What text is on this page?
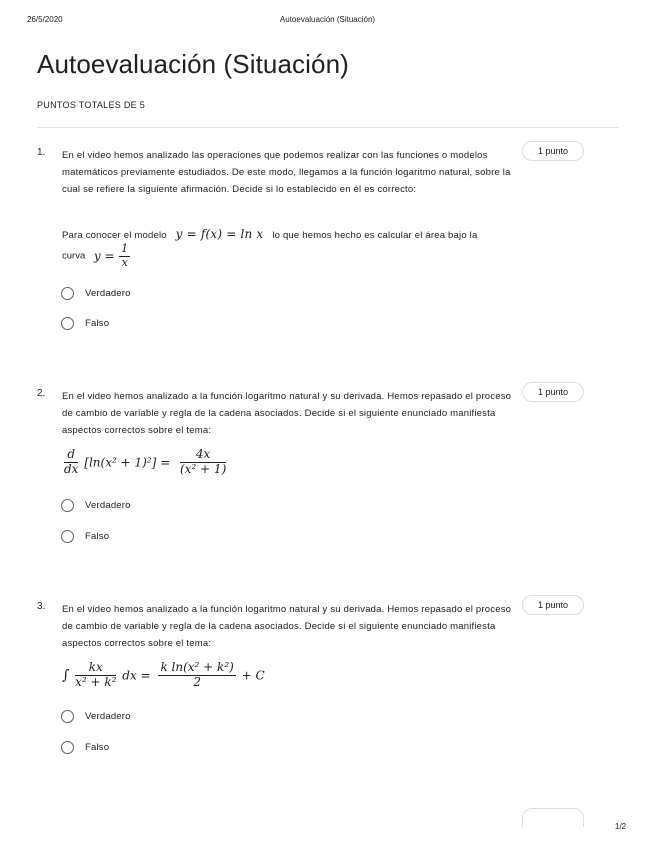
26/5/2020	Autoevaluación (Situación)
Autoevaluación (Situación)
PUNTOS TOTALES DE 5
1. En el video hemos analizado las operaciones que podemos realizar con las funciones o modelos matemáticos previamente estudiados. De este modo, llegamos a la función logaritmo natural, sobre la cual se refiere la siguiente afirmación. Decide si lo establecido en él es correcto:
1 punto
Para conocer el modelo y = f(x) = ln x lo que hemos hecho es calcular el área bajo la
curva $y = \frac{1}{x}$
Verdadero
Falso
2. En el video hemos analizado a la función logaritmo natural y su derivada. Hemos repasado el proceso de cambio de variable y regla de la cadena asociados. Decide si el siguiente enunciado manifiesta aspectos correctos sobre el tema:
1 punto
$\frac{d}{dx} [\ln(x^2 + 1)^2] = \frac{4x}{\text{(x² + 1)}}$
Verdadero
Falso
3. En el video hemos analizado a la función logaritmo natural y su derivada. Hemos repasado el proceso de cambio de variable y regla de la cadena asociados. Decide si el siguiente enunciado manifiesta aspectos correctos sobre el tema:
1 punto
∫ $\frac{kx}{\text{x² + k²}}$ dx = $\frac{\text{k ln(x² + k²)}}{2} + C$
Verdadero
Falso
1/2
